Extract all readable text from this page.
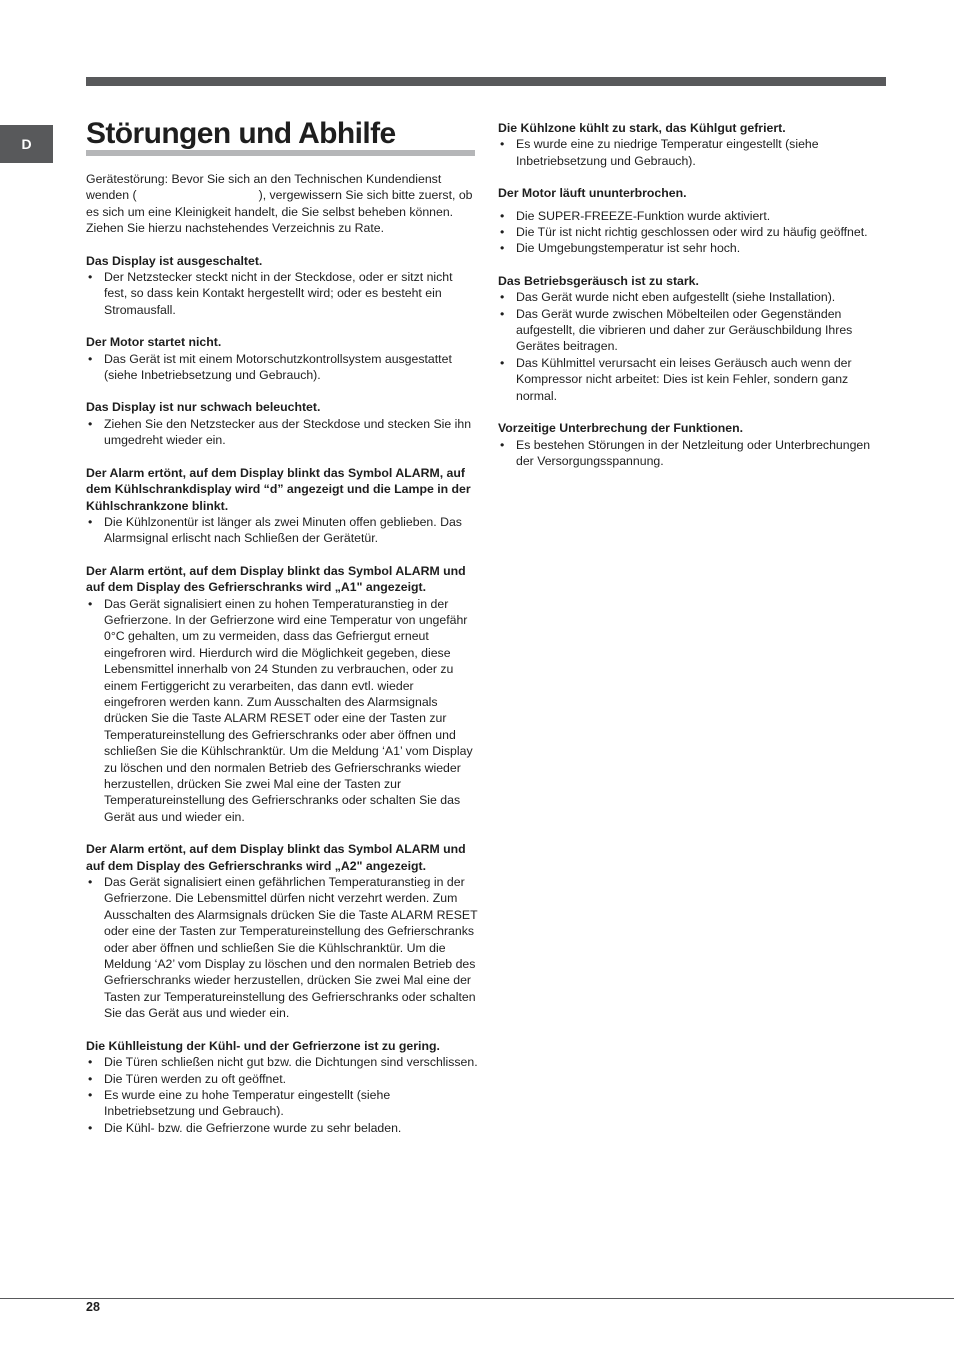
D	Störungen und Abhilfe

Gerätestörung: Bevor Sie sich an den Technischen Kundendienst wenden (	), vergewissern Sie sich bitte zuerst, ob es sich um eine Kleinigkeit handelt, die Sie selbst beheben können. Ziehen Sie hierzu nachstehendes Verzeichnis zu Rate.

Das Display ist ausgeschaltet.
• Der Netzstecker steckt nicht in der Steckdose, oder er sitzt nicht fest, so dass kein Kontakt hergestellt wird; oder es besteht ein Stromausfall.
Der Motor startet nicht.
• Das Gerät ist mit einem Motorschutzkontrollsystem ausgestattet (siehe Inbetriebsetzung und Gebrauch).
Das Display ist nur schwach beleuchtet.
• Ziehen Sie den Netzstecker aus der Steckdose und stecken Sie ihn umgedreht wieder ein.
Der Alarm ertönt, auf dem Display blinkt das Symbol ALARM, auf dem Kühlschrankdisplay wird “d” angezeigt und die Lampe in der Kühlschrankzone blinkt.
• Die Kühlzonentür ist länger als zwei Minuten offen geblieben. Das Alarmsignal erlischt nach Schließen der Gerätetür.
Der Alarm ertönt, auf dem Display blinkt das Symbol ALARM und auf dem Display des Gefrierschranks wird „A1" angezeigt.
• Das Gerät signalisiert einen zu hohen Temperaturanstieg in der Gefrierzone. In der Gefrierzone wird eine Temperatur von ungefähr 0°C gehalten, um zu vermeiden, dass das Gefriergut erneut eingefroren wird. Hierdurch wird die Möglichkeit gegeben, diese Lebensmittel innerhalb von 24 Stunden zu verbrauchen, oder zu einem Fertiggericht zu verarbeiten, das dann evtl. wieder eingefroren werden kann. Zum Ausschalten des Alarmsignals drücken Sie die Taste ALARM RESET oder eine der Tasten zur Temperatureinstellung des Gefrierschranks oder aber öffnen und schließen Sie die Kühlschranktür. Um die Meldung ‘A1’ vom Display zu löschen und den normalen Betrieb des Gefrierschranks wieder herzustellen, drücken Sie zwei Mal eine der Tasten zur Temperatureinstellung des Gefrierschranks oder schalten Sie das Gerät aus und wieder ein.
Der Alarm ertönt, auf dem Display blinkt das Symbol ALARM und auf dem Display des Gefrierschranks wird „A2" angezeigt.
• Das Gerät signalisiert einen gefährlichen Temperaturanstieg in der Gefrierzone. Die Lebensmittel dürfen nicht verzehrt werden. Zum Ausschalten des Alarmsignals drücken Sie die Taste ALARM RESET oder eine der Tasten zur Temperatureinstellung des Gefrierschranks oder aber öffnen und schließen Sie die Kühlschranktür. Um die Meldung ‘A2’ vom Display zu löschen und den normalen Betrieb des Gefrierschranks wieder herzustellen, drücken Sie zwei Mal eine der Tasten zur Temperatureinstellung des Gefrierschranks oder schalten Sie das Gerät aus und wieder ein.
Die Kühlleistung der Kühl- und der Gefrierzone ist zu gering.
• Die Türen schließen nicht gut bzw. die Dichtungen sind verschlissen.
• Die Türen werden zu oft geöffnet.
• Es wurde eine zu hohe Temperatur eingestellt (siehe Inbetriebsetzung und Gebrauch).
• Die Kühl- bzw. die Gefrierzone wurde zu sehr beladen.
Die Kühlzone kühlt zu stark, das Kühlgut gefriert.
• Es wurde eine zu niedrige Temperatur eingestellt (siehe Inbetriebsetzung und Gebrauch).
Der Motor läuft ununterbrochen.
• Die SUPER-FREEZE-Funktion wurde aktiviert.
• Die Tür ist nicht richtig geschlossen oder wird zu häufig geöffnet.
• Die Umgebungstemperatur ist sehr hoch.
Das Betriebsgeräusch ist zu stark.
• Das Gerät wurde nicht eben aufgestellt (siehe Installation).
• Das Gerät wurde zwischen Möbelteilen oder Gegenständen aufgestellt, die vibrieren und daher zur Geräuschbildung Ihres Gerätes beitragen.
• Das Kühlmittel verursacht ein leises Geräusch auch wenn der Kompressor nicht arbeitet: Dies ist kein Fehler, sondern ganz normal.
Vorzeitige Unterbrechung der Funktionen.
• Es bestehen Störungen in der Netzleitung oder Unterbrechungen der Versorgungsspannung.
28
